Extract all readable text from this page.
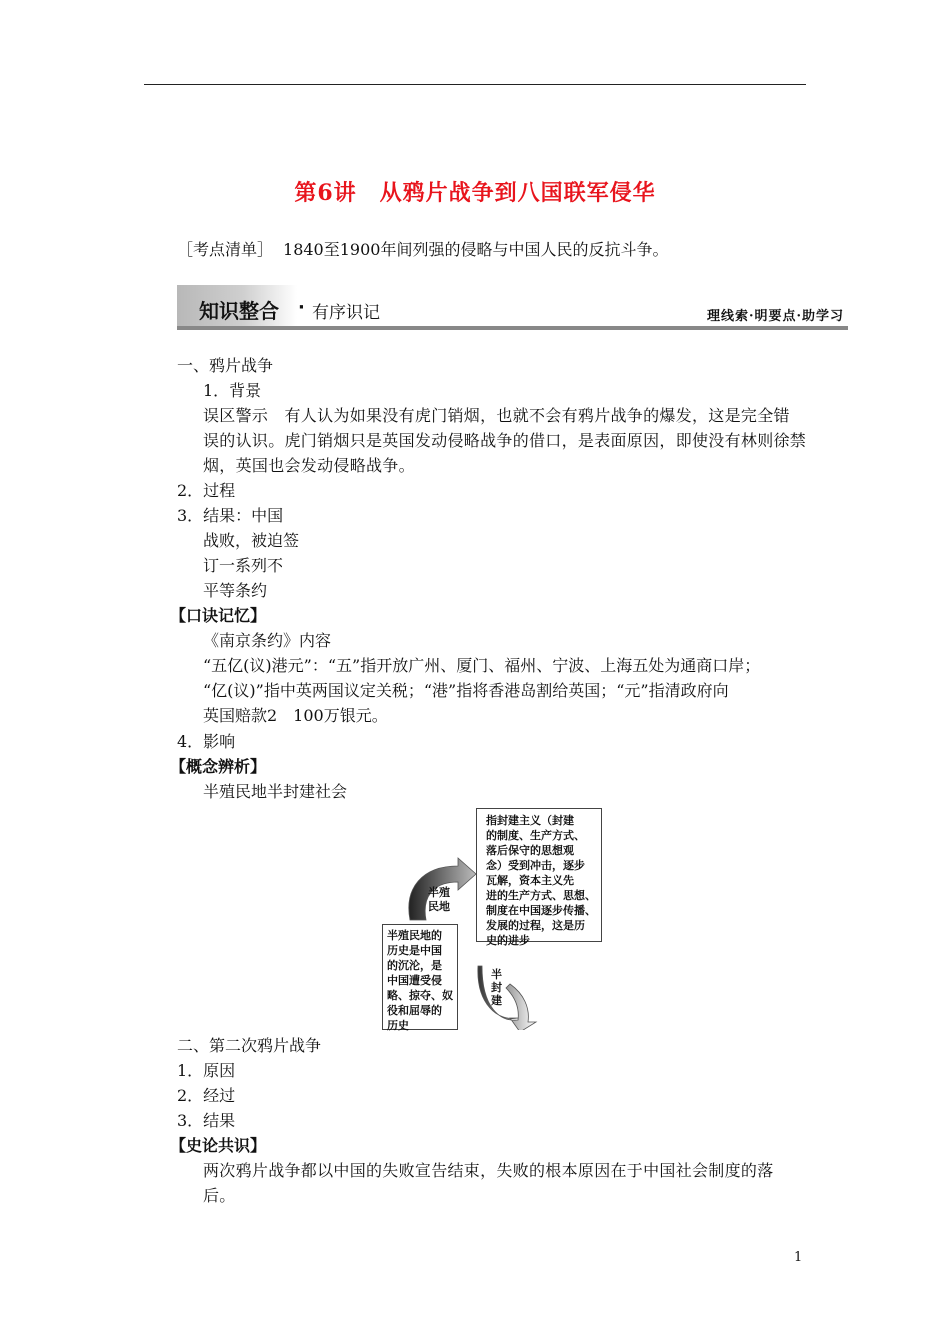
第6讲　从鸦片战争到八国联军侵华
［考点清单］ 1840至1900年间列强的侵略与中国人民的反抗斗争。
知识整合 · 有序识记	理线索·明要点·助学习
一、鸦片战争
1．背景
误区警示　有人认为如果没有虎门销烟，也就不会有鸦片战争的爆发，这是完全错
误的认识。虎门销烟只是英国发动侵略战争的借口，是表面原因，即使没有林则徐禁
烟，英国也会发动侵略战争。
2．过程
3．结果：中国
战败，被迫签
订一系列不
平等条约
【口诀记忆】
《南京条约》内容
“五亿(议)港元”：“五”指开放广州、厦门、福州、宁波、上海五处为通商口岸；
“亿(议)”指中英两国议定关税；“港”指将香港岛割给英国；“元”指清政府向
英国赔款2　100万银元。
4．影响
【概念辨析】
半殖民地半封建社会
指封建主义（封建
的制度、生产方式、
落后保守的思想观
念）受到冲击，逐步
瓦解，资本主义先
进的生产方式、思想、
制度在中国逐步传播、
发展的过程，这是历
史的进步
半殖民地的
历史是中国
的沉沦，是
中国遭受侵
略、掠夺、奴
役和屈辱的
历史
半殖
民地
半
封
建
二、第二次鸦片战争
1．原因
2．经过
3．结果
【史论共识】
两次鸦片战争都以中国的失败宣告结束，失败的根本原因在于中国社会制度的落
后。
1
